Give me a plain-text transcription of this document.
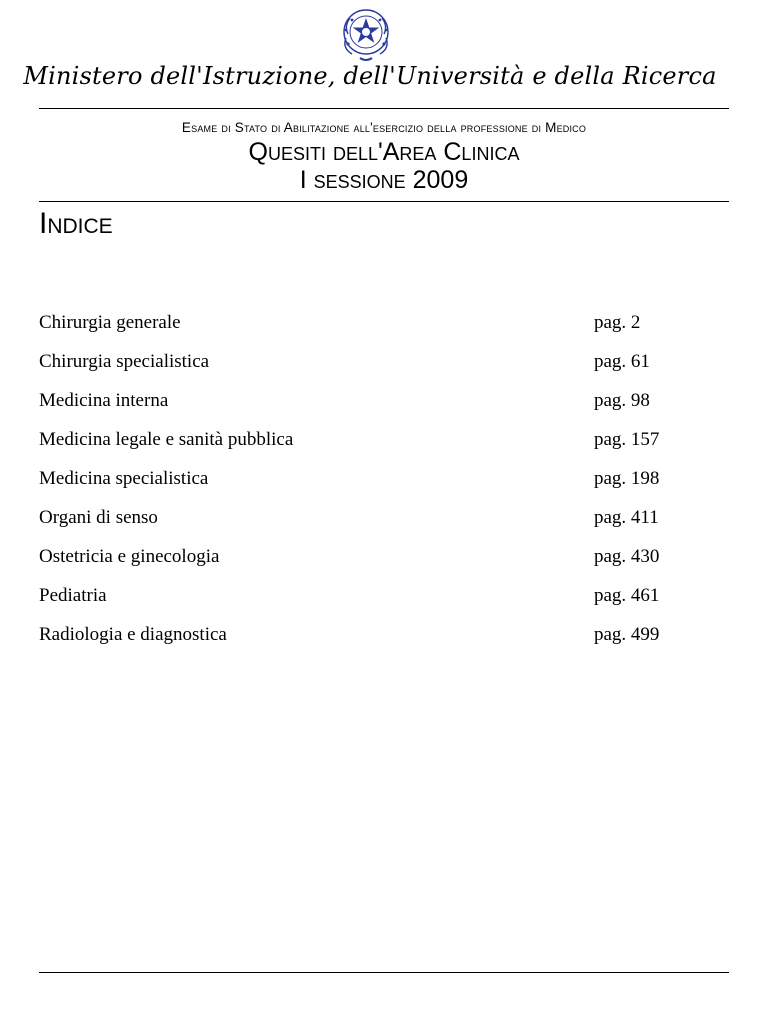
Ministero dell'Istruzione, dell'Università e della Ricerca
Esame di Stato di Abilitazione all'esercizio della professione di Medico
Quesiti dell'Area Clinica
I sessione 2009
Indice
Chirurgia generale	pag. 2
Chirurgia specialistica	pag. 61
Medicina interna	pag. 98
Medicina legale e sanità pubblica	pag. 157
Medicina specialistica	pag. 198
Organi di senso	pag. 411
Ostetricia e ginecologia	pag. 430
Pediatria	pag. 461
Radiologia e diagnostica	pag. 499
